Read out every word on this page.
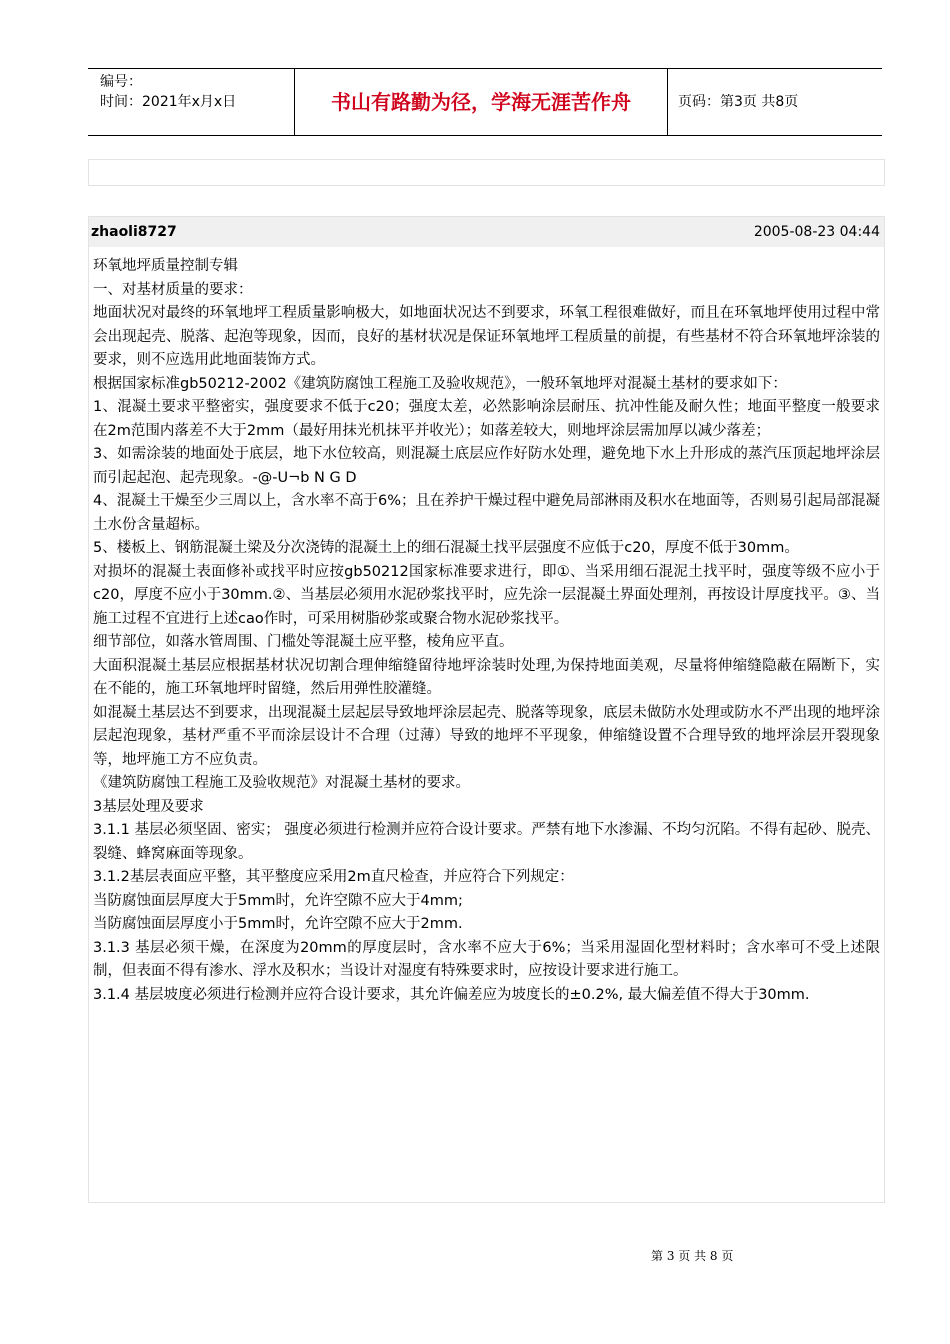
编号：
时间：2021年x月x日	书山有路勤为径，学海无涯苦作舟	页码：第3页 共8页
zhaoli8727	2005-08-23 04:44

环氧地坪质量控制专辑

一、对基材质量的要求：

地面状况对最终的环氧地坪工程质量影响极大，如地面状况达不到要求，环氧工程很难做好，而且在环氧地坪使用过程中常会出现起壳、脱落、起泡等现象，因而，良好的基材状况是保证环氧地坪工程质量的前提，有些基材不符合环氧地坪涂装的要求，则不应选用此地面装饰方式。

根据国家标准gb50212-2002《建筑防腐蚀工程施工及验收规范》，一般环氧地坪对混凝土基材的要求如下：

1、混凝土要求平整密实，强度要求不低于c20；强度太差，必然影响涂层耐压、抗冲性能及耐久性；地面平整度一般要求在2m范围内落差不大于2mm（最好用抹光机抹平并收光）；如落差较大，则地坪涂层需加厚以减少落差；

3、如需涂装的地面处于底层，地下水位较高，则混凝土底层应作好防水处理，避免地下水上升形成的蒸汽压顶起地坪涂层而引起起泡、起壳现象。-@-U¬b N G D

4、混凝土干燥至少三周以上，含水率不高于6%；且在养护干燥过程中避免局部淋雨及积水在地面等，否则易引起局部混凝土水份含量超标。

5、楼板上、钢筋混凝土梁及分次浇铸的混凝土上的细石混凝土找平层强度不应低于c20，厚度不低于30mm。

对损坏的混凝土表面修补或找平时应按gb50212国家标准要求进行，即①、当采用细石混泥土找平时，强度等级不应小于c20，厚度不应小于30mm.②、当基层必须用水泥砂浆找平时，应先涂一层混凝土界面处理剂，再按设计厚度找平。③、当施工过程不宜进行上述cao作时，可采用树脂砂浆或聚合物水泥砂浆找平。

细节部位，如落水管周围、门槛处等混凝土应平整，棱角应平直。

大面积混凝土基层应根据基材状况切割合理伸缩缝留待地坪涂装时处理,为保持地面美观，尽量将伸缩缝隐蔽在隔断下，实在不能的，施工环氧地坪时留缝，然后用弹性胶灌缝。

如混凝土基层达不到要求，出现混凝土层起层导致地坪涂层起壳、脱落等现象，底层未做防水处理或防水不严出现的地坪涂层起泡现象，基材严重不平而涂层设计不合理（过薄）导致的地坪不平现象，伸缩缝设置不合理导致的地坪涂层开裂现象等，地坪施工方不应负责。

《建筑防腐蚀工程施工及验收规范》对混凝土基材的要求。

3基层处理及要求

3.1.1 基层必须坚固、密实； 强度必须进行检测并应符合设计要求。严禁有地下水渗漏、不均匀沉陷。不得有起砂、脱壳、裂缝、蜂窝麻面等现象。

3.1.2基层表面应平整，其平整度应采用2m直尺检查，并应符合下列规定：

当防腐蚀面层厚度大于5mm时，允许空隙不应大于4mm;

当防腐蚀面层厚度小于5mm时，允许空隙不应大于2mm.

3.1.3 基层必须干燥，在深度为20mm的厚度层时，含水率不应大于6%；当采用湿固化型材料时；含水率可不受上述限制，但表面不得有渗水、浮水及积水；当设计对湿度有特殊要求时，应按设计要求进行施工。

3.1.4 基层坡度必须进行检测并应符合设计要求，其允许偏差应为坡度长的±0.2%, 最大偏差值不得大于30mm.

第 3 页 共 8 页
